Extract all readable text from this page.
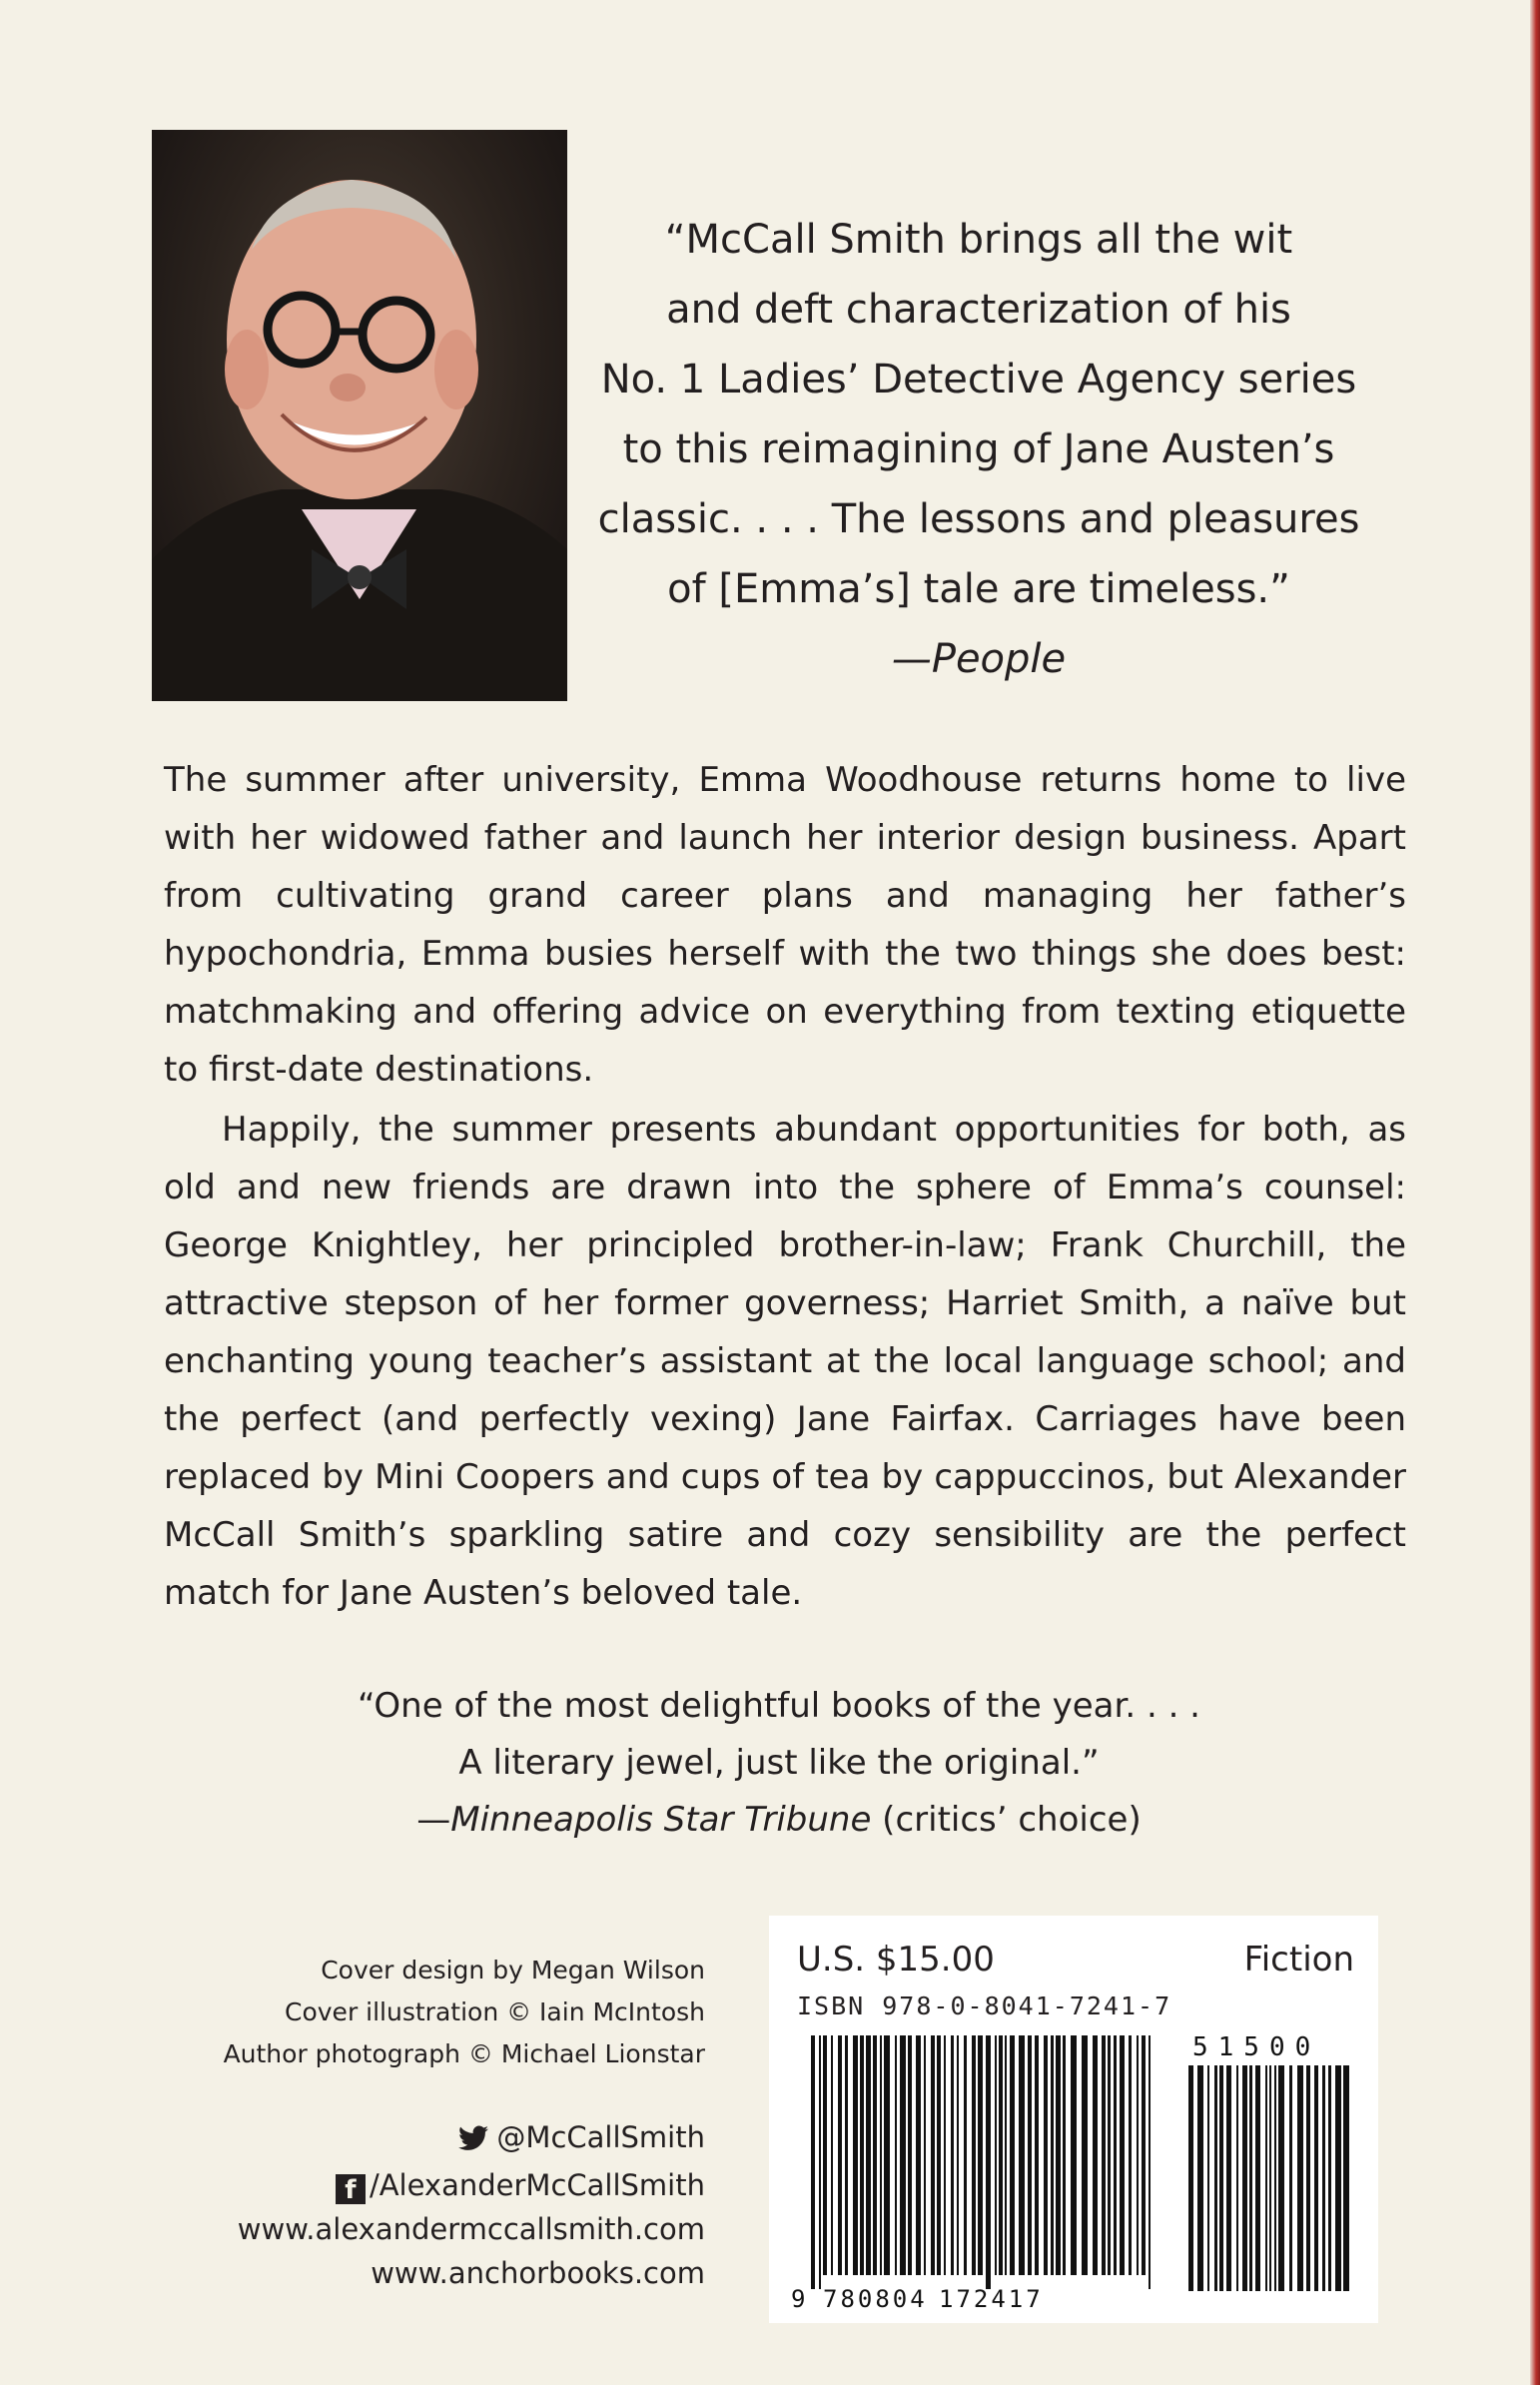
“McCall Smith brings all the wit
and deft characterization of his
No. 1 Ladies’ Detective Agency series
to this reimagining of Jane Austen’s
classic. . . . The lessons and pleasures
of [Emma’s] tale are timeless.”
—People

The summer after university, Emma Woodhouse returns home to live with her widowed father and launch her interior design business. Apart from cultivating grand career plans and managing her father’s hypochondria, Emma busies herself with the two things she does best: matchmaking and offering advice on everything from texting etiquette to first-date destinations.

Happily, the summer presents abundant opportunities for both, as old and new friends are drawn into the sphere of Emma’s counsel: George Knightley, her principled brother-in-law; Frank Churchill, the attractive stepson of her former governess; Harriet Smith, a naïve but enchanting young teacher’s assistant at the local language school; and the perfect (and perfectly vexing) Jane Fairfax. Carriages have been replaced by Mini Coopers and cups of tea by cappuccinos, but Alexander McCall Smith’s sparkling satire and cozy sensibility are the perfect match for Jane Austen’s beloved tale.

“One of the most delightful books of the year. . . .
A literary jewel, just like the original.”
—Minneapolis Star Tribune (critics’ choice)
Cover design by Megan Wilson
Cover illustration © Iain McIntosh
Author photograph © Michael Lionstar
@McCallSmith
f /AlexanderMcCallSmith
www.alexandermccallsmith.com
www.anchorbooks.com
U.S. $15.00	Fiction
ISBN 978-0-8041-7241-7
9 780804 172417
51500
